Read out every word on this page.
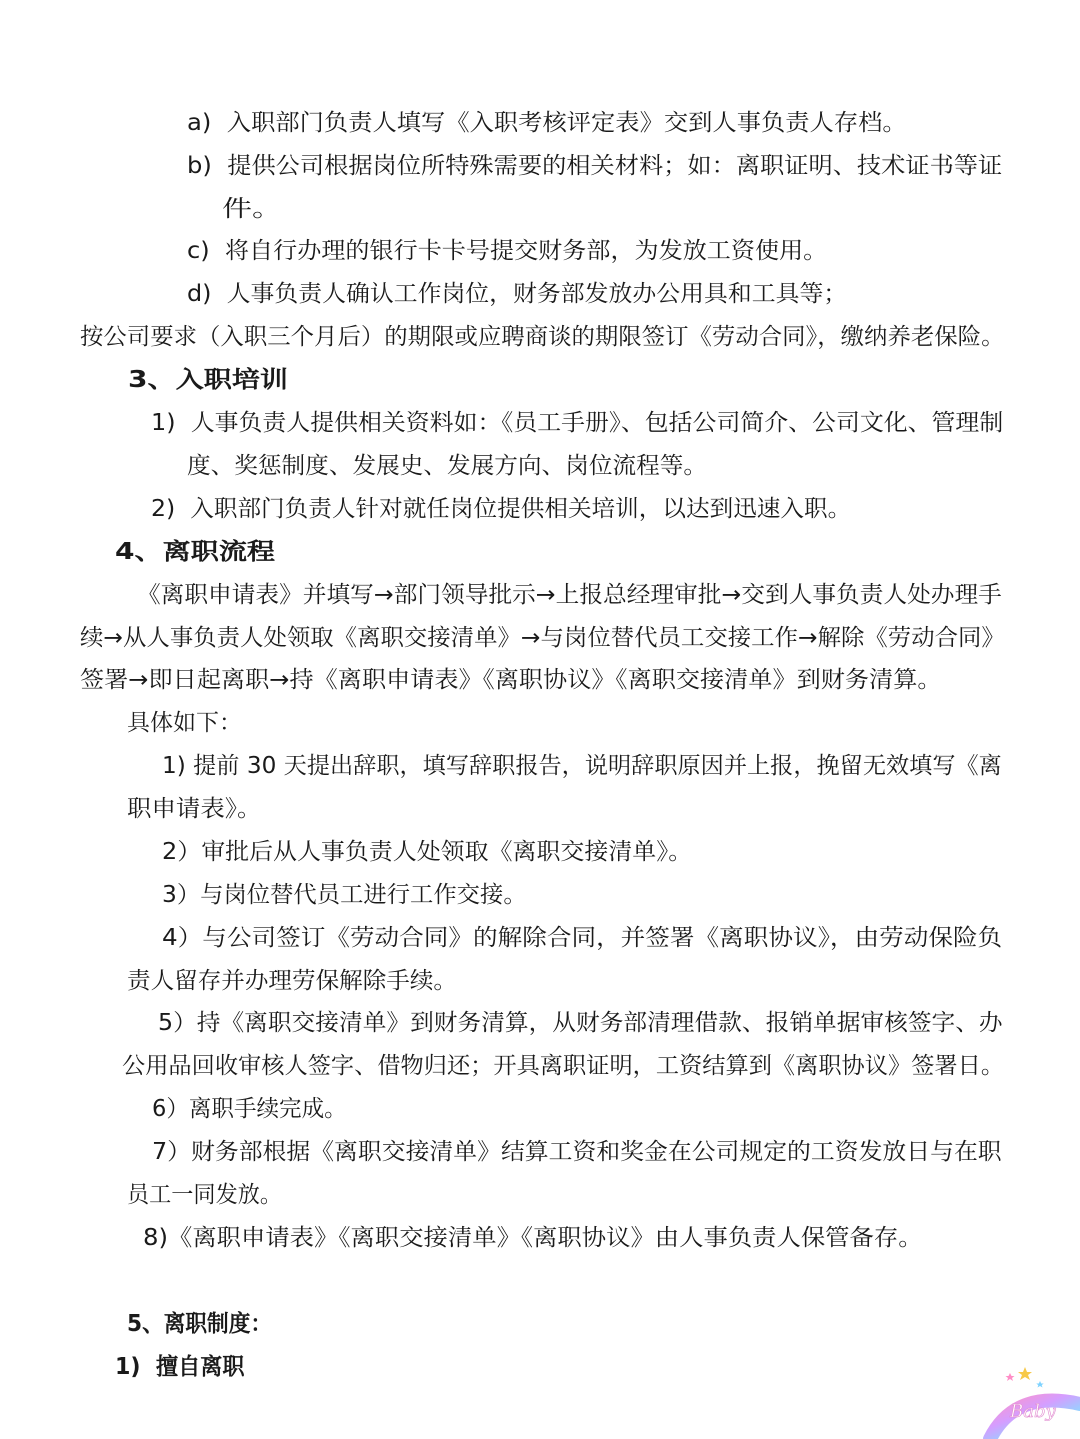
a)  入职部门负责人填写《入职考核评定表》交到人事负责人存档。
b)  提供公司根据岗位所特殊需要的相关材料；如：离职证明、技术证书等证
件。
c)  将自行办理的银行卡卡号提交财务部，为发放工资使用。
d)  人事负责人确认工作岗位，财务部发放办公用具和工具等；
按公司要求（入职三个月后）的期限或应聘商谈的期限签订《劳动合同》，缴纳养老保险。
3、入职培训
1)  人事负责人提供相关资料如：《员工手册》、包括公司简介、公司文化、管理制
度、奖惩制度、发展史、发展方向、岗位流程等。
2)  入职部门负责人针对就任岗位提供相关培训，以达到迅速入职。
4、离职流程
《离职申请表》并填写→部门领导批示→上报总经理审批→交到人事负责人处办理手
续→从人事负责人处领取《离职交接清单》→与岗位替代员工交接工作→解除《劳动合同》
签署→即日起离职→持《离职申请表》《离职协议》《离职交接清单》到财务清算。
具体如下：
1) 提前 30 天提出辞职，填写辞职报告，说明辞职原因并上报，挽留无效填写《离
职申请表》。
2）审批后从人事负责人处领取《离职交接清单》。
3）与岗位替代员工进行工作交接。
4）与公司签订《劳动合同》的解除合同，并签署《离职协议》，由劳动保险负
责人留存并办理劳保解除手续。
5）持《离职交接清单》到财务清算，从财务部清理借款、报销单据审核签字、办
公用品回收审核人签字、借物归还；开具离职证明，工资结算到《离职协议》签署日。
6）离职手续完成。
7）财务部根据《离职交接清单》结算工资和奖金在公司规定的工资发放日与在职
员工一同发放。
8)《离职申请表》《离职交接清单》《离职协议》由人事负责人保管备存。
5、离职制度：
1)  擅自离职
Baby
